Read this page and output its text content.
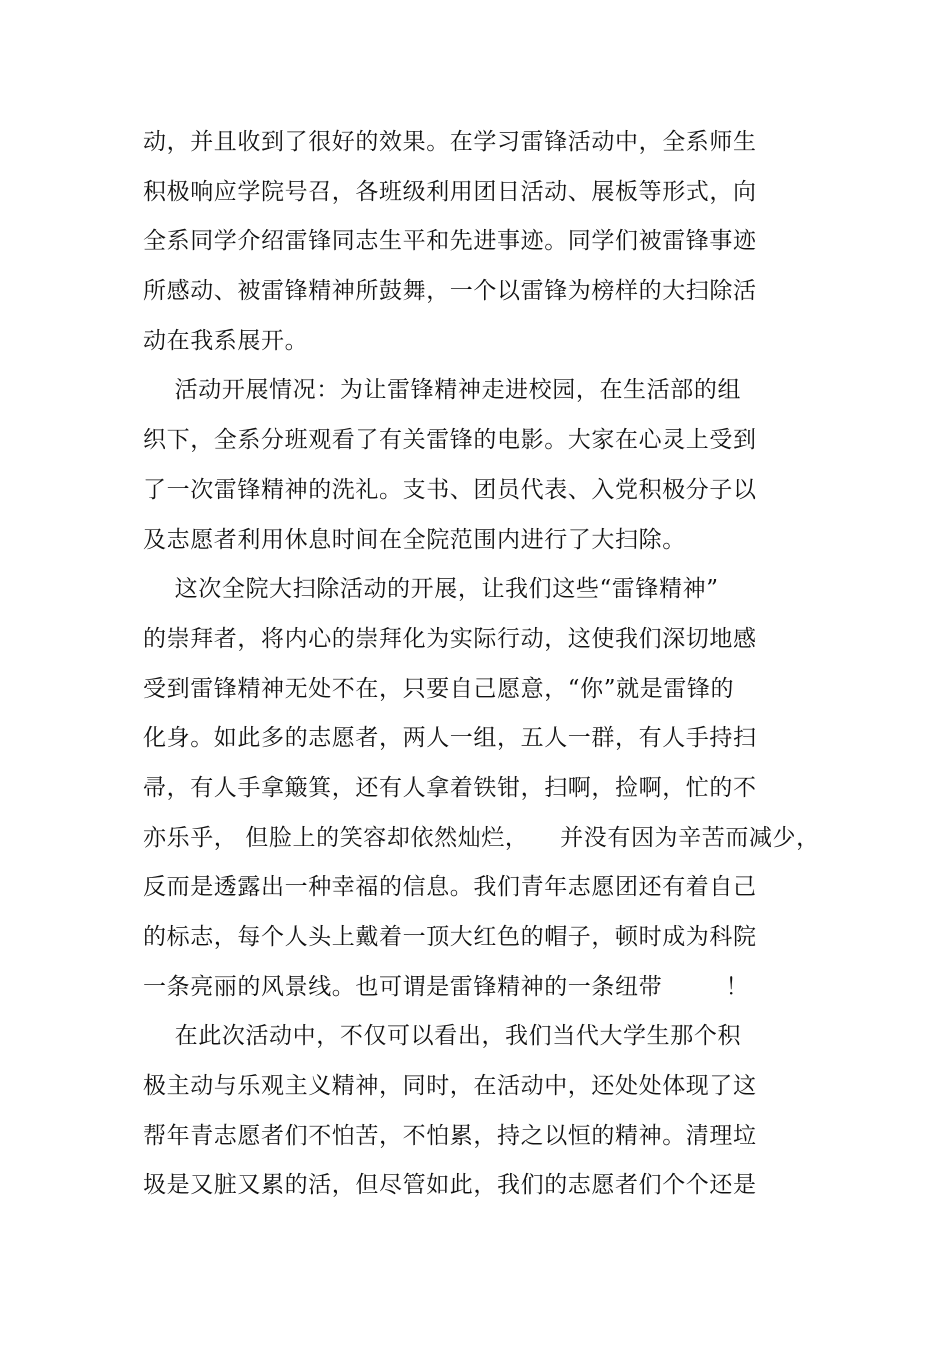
动，并且收到了很好的效果。在学习雷锋活动中，全系师生
积极响应学院号召，各班级利用团日活动、展板等形式，向
全系同学介绍雷锋同志生平和先进事迹。同学们被雷锋事迹
所感动、被雷锋精神所鼓舞，一个以雷锋为榜样的大扫除活
动在我系展开。
活动开展情况：为让雷锋精神走进校园，在生活部的组
织下，全系分班观看了有关雷锋的电影。大家在心灵上受到
了一次雷锋精神的洗礼。支书、团员代表、入党积极分子以
及志愿者利用休息时间在全院范围内进行了大扫除。
这次全院大扫除活动的开展，让我们这些“雷锋精神”
的崇拜者，将内心的崇拜化为实际行动，这使我们深切地感
受到雷锋精神无处不在，只要自己愿意，“你”就是雷锋的
化身。如此多的志愿者，两人一组，五人一群，有人手持扫
帚，有人手拿簸箕，还有人拿着铁钳，扫啊，捡啊，忙的不
亦乐乎， 但脸上的笑容却依然灿烂，    并没有因为辛苦而减少，
反而是透露出一种幸福的信息。我们青年志愿团还有着自己
的标志，每个人头上戴着一顶大红色的帽子，顿时成为科院
一条亮丽的风景线。也可谓是雷锋精神的一条纽带        ！
在此次活动中，不仅可以看出，我们当代大学生那个积
极主动与乐观主义精神，同时，在活动中，还处处体现了这
帮年青志愿者们不怕苦，不怕累，持之以恒的精神。清理垃
圾是又脏又累的活，但尽管如此，我们的志愿者们个个还是
